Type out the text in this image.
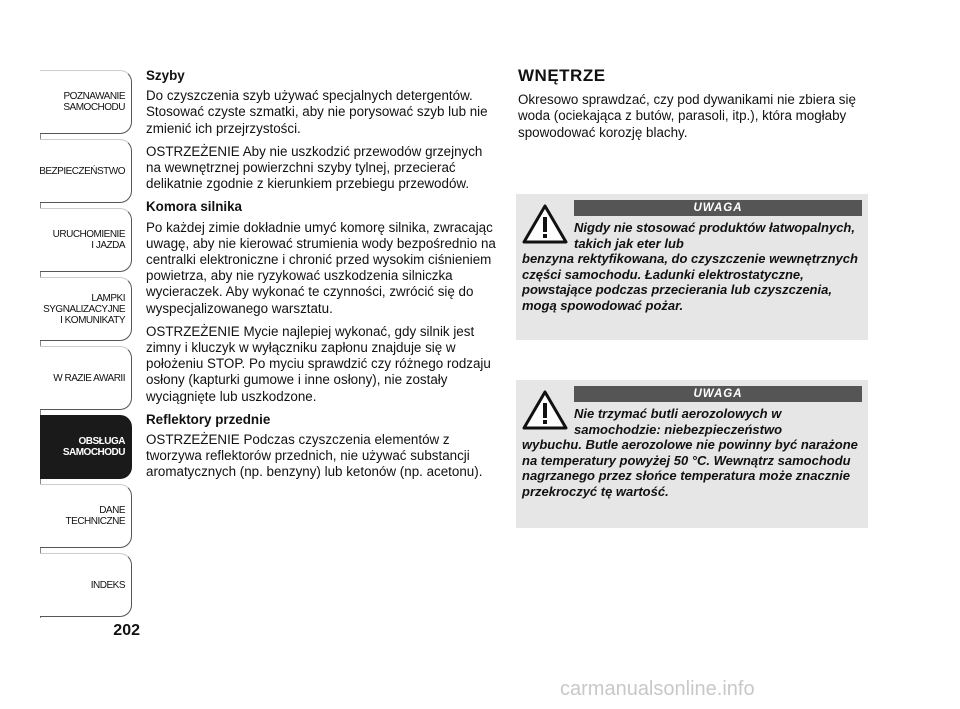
POZNAWANIE
SAMOCHODU
BEZPIECZEŃSTWO
URUCHOMIENIE
I JAZDA
LAMPKI
SYGNALIZACYJNE
I KOMUNIKATY
W RAZIE AWARII
OBSŁUGA
SAMOCHODU
DANE
TECHNICZNE
INDEKS
202
Szyby

Do czyszczenia szyb używać specjalnych detergentów. Stosować czyste szmatki, aby nie porysować szyb lub nie zmienić ich przejrzystości.

OSTRZEŻENIE Aby nie uszkodzić przewodów grzejnych na wewnętrznej powierzchni szyby tylnej, przecierać delikatnie zgodnie z kierunkiem przebiegu przewodów.

Komora silnika

Po każdej zimie dokładnie umyć komorę silnika, zwracając uwagę, aby nie kierować strumienia wody bezpośrednio na centralki elektroniczne i chronić przed wysokim ciśnieniem powietrza, aby nie ryzykować uszkodzenia silniczka wycieraczek. Aby wykonać te czynności, zwrócić się do wyspecjalizowanego warsztatu.

OSTRZEŻENIE Mycie najlepiej wykonać, gdy silnik jest zimny i kluczyk w wyłączniku zapłonu znajduje się w położeniu STOP. Po myciu sprawdzić czy różnego rodzaju osłony (kapturki gumowe i inne osłony), nie zostały wyciągnięte lub uszkodzone.

Reflektory przednie

OSTRZEŻENIE Podczas czyszczenia elementów z tworzywa reflektorów przednich, nie używać substancji aromatycznych (np. benzyny) lub ketonów (np. acetonu).

WNĘTRZE

Okresowo sprawdzać, czy pod dywanikami nie zbiera się woda (ociekająca z butów, parasoli, itp.), która mogłaby spowodować korozję blachy.

UWAGA
Nigdy nie stosować produktów łatwopalnych, takich jak eter lub
benzyna rektyfikowana, do czyszczenie wewnętrznych części samochodu. Ładunki elektrostatyczne, powstające podczas przecierania lub czyszczenia, mogą spowodować pożar.
UWAGA
Nie trzymać butli aerozolowych w samochodzie: niebezpieczeństwo
wybuchu. Butle aerozolowe nie powinny być narażone na temperatury powyżej 50 °C. Wewnątrz samochodu nagrzanego przez słońce temperatura może znacznie przekroczyć tę wartość.
carmanualsonline.info
